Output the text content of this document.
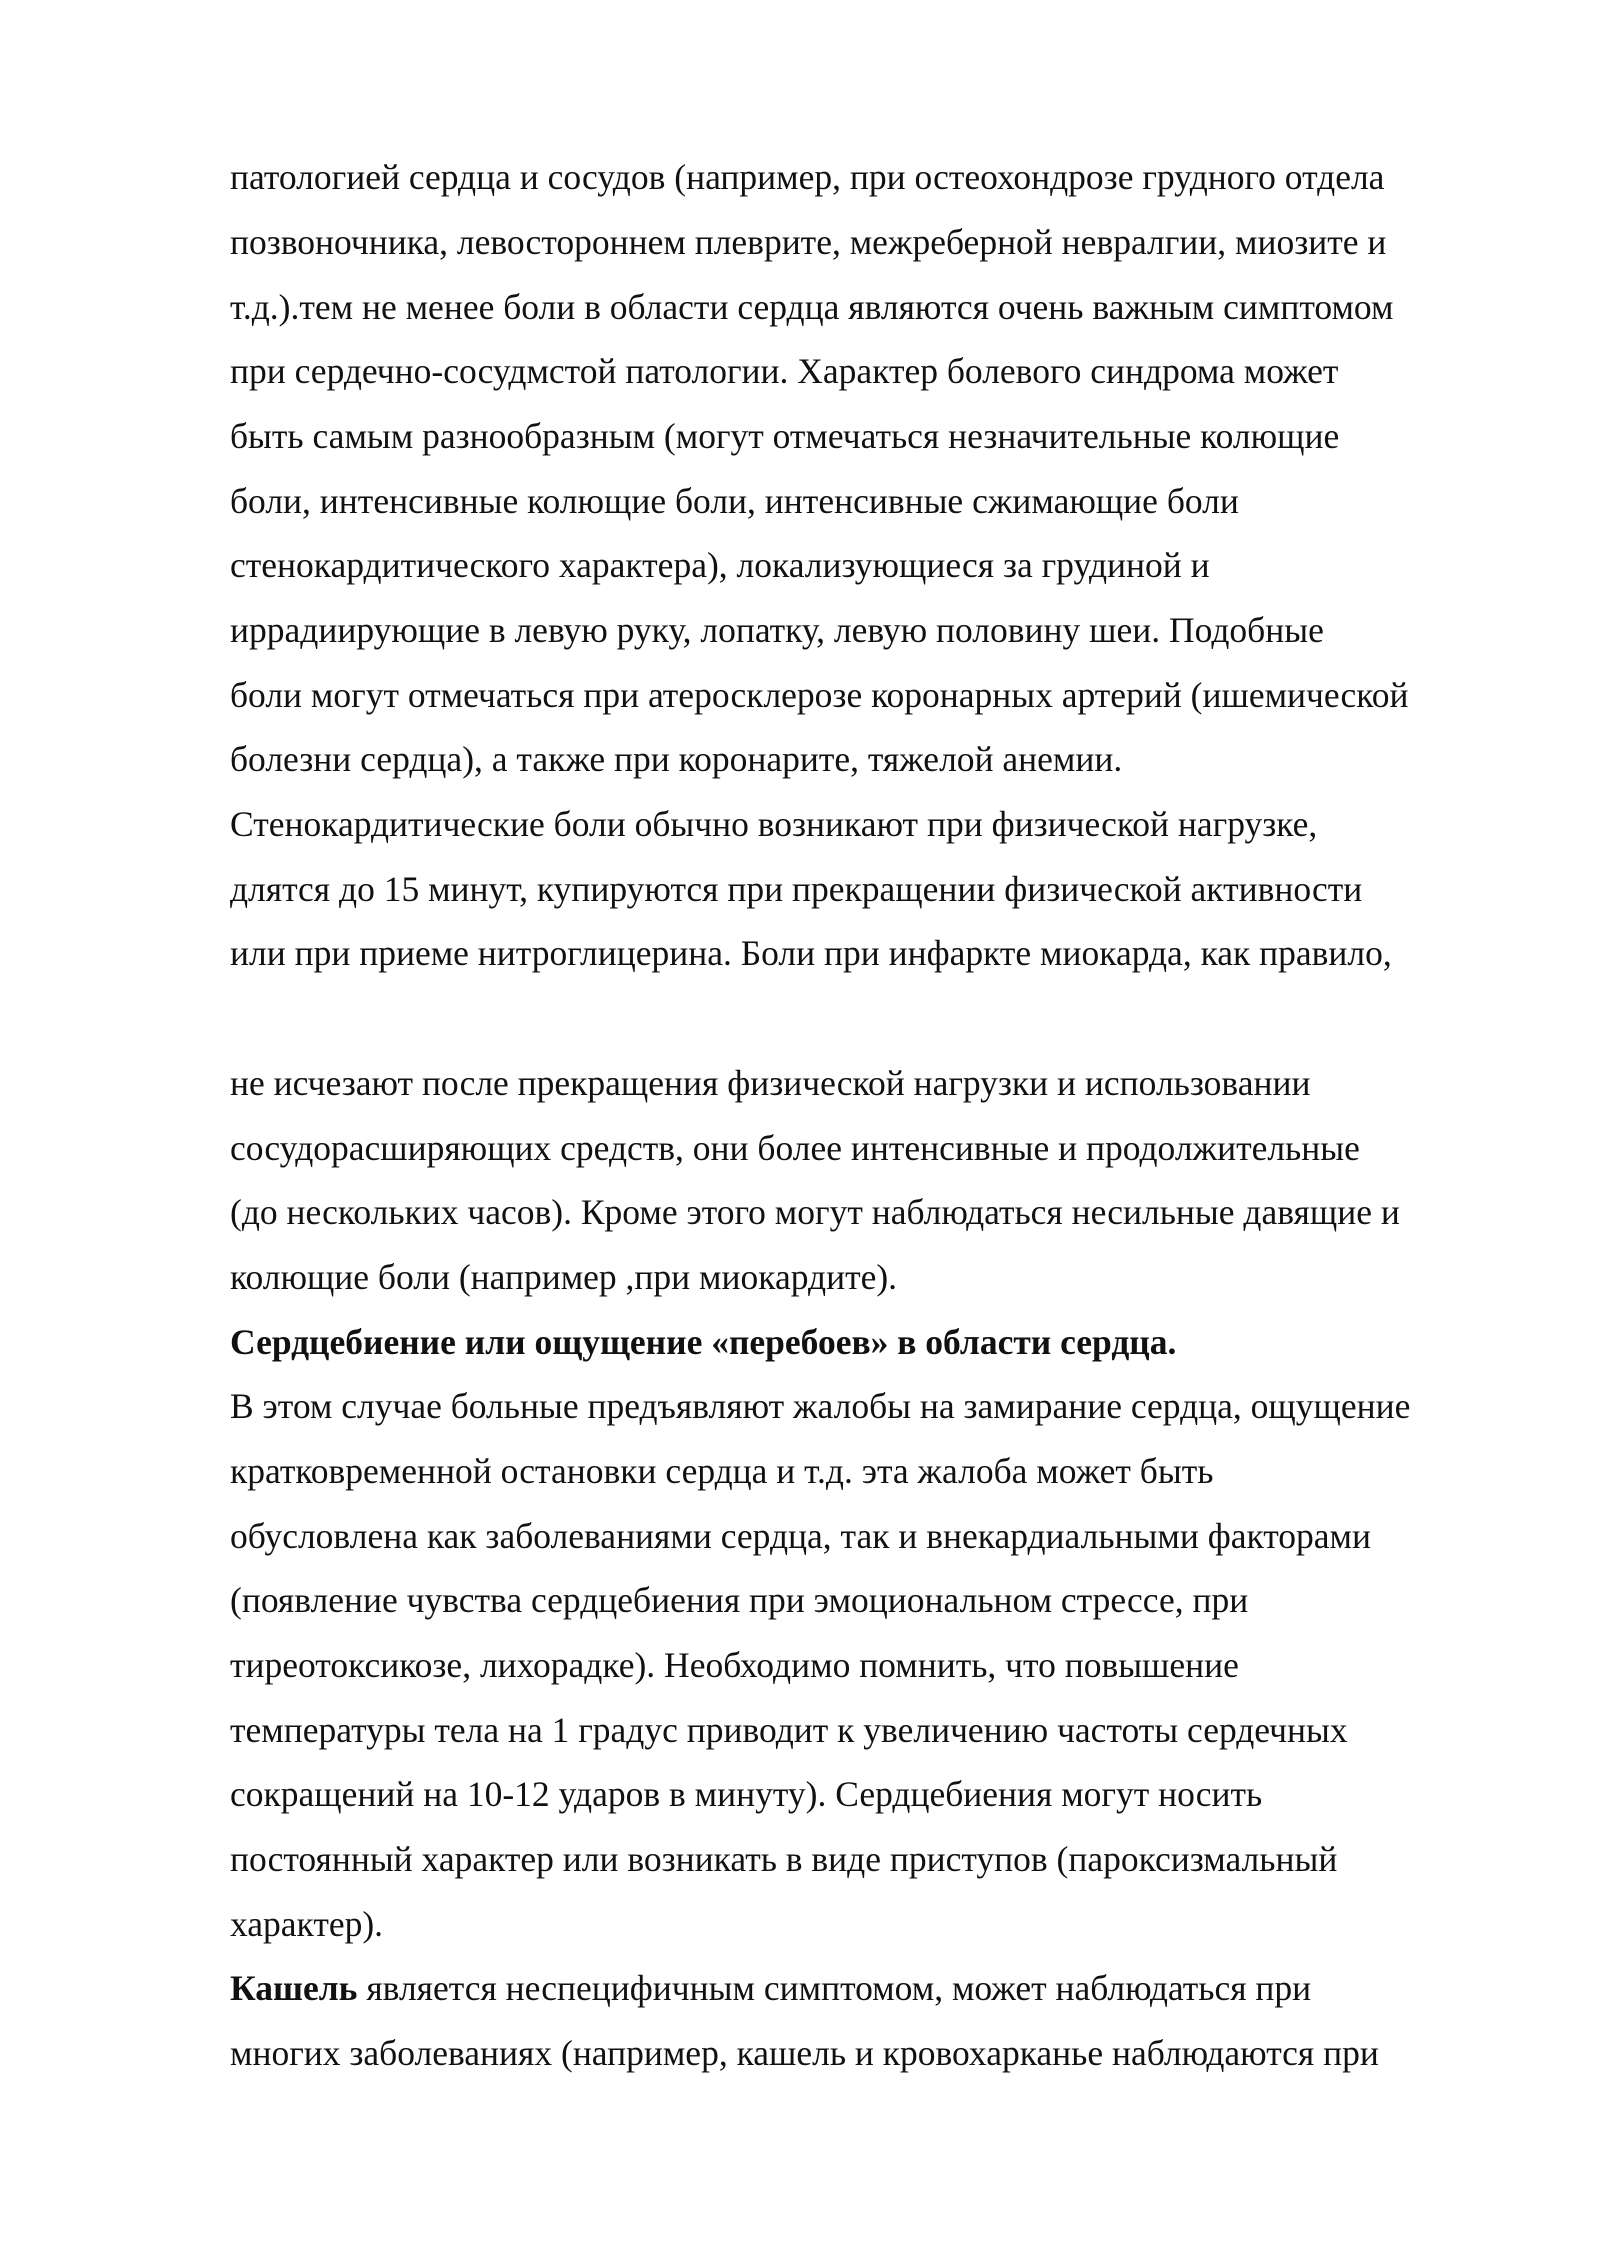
патологией сердца и сосудов (например, при остеохондрозе грудного отдела
позвоночника, левостороннем плеврите, межреберной невралгии, миозите и
т.д.).тем не менее боли в области сердца являются очень важным симптомом
при сердечно-сосудмстой патологии. Характер болевого синдрома может
быть самым разнообразным (могут отмечаться незначительные колющие
боли, интенсивные колющие боли, интенсивные сжимающие боли
стенокардитического характера), локализующиеся за грудиной и
иррадиирующие в левую руку, лопатку, левую половину шеи. Подобные
боли могут отмечаться при атеросклерозе коронарных артерий (ишемической
болезни сердца), а также при коронарите, тяжелой анемии.
Стенокардитические боли обычно возникают при физической нагрузке,
длятся до 15 минут, купируются при прекращении физической активности
или при приеме нитроглицерина. Боли при инфаркте миокарда, как правило,
не исчезают после прекращения физической нагрузки и использовании
сосудорасширяющих средств, они более интенсивные и продолжительные
(до нескольких часов). Кроме этого могут наблюдаться несильные давящие и
колющие боли (например ,при миокардите).
Сердцебиение или ощущение «перебоев» в области сердца.
В этом случае больные предъявляют жалобы на замирание сердца, ощущение
кратковременной остановки сердца и т.д. эта жалоба может быть
обусловлена как заболеваниями сердца, так и внекардиальными факторами
(появление чувства сердцебиения при эмоциональном стрессе, при
тиреотоксикозе, лихорадке). Необходимо помнить, что повышение
температуры тела на 1 градус приводит к увеличению частоты сердечных
сокращений на 10-12 ударов в минуту). Сердцебиения могут носить
постоянный характер или возникать в виде приступов (пароксизмальный
характер).
Кашель является неспецифичным симптомом, может наблюдаться при
многих заболеваниях (например, кашель и кровохарканье наблюдаются при
